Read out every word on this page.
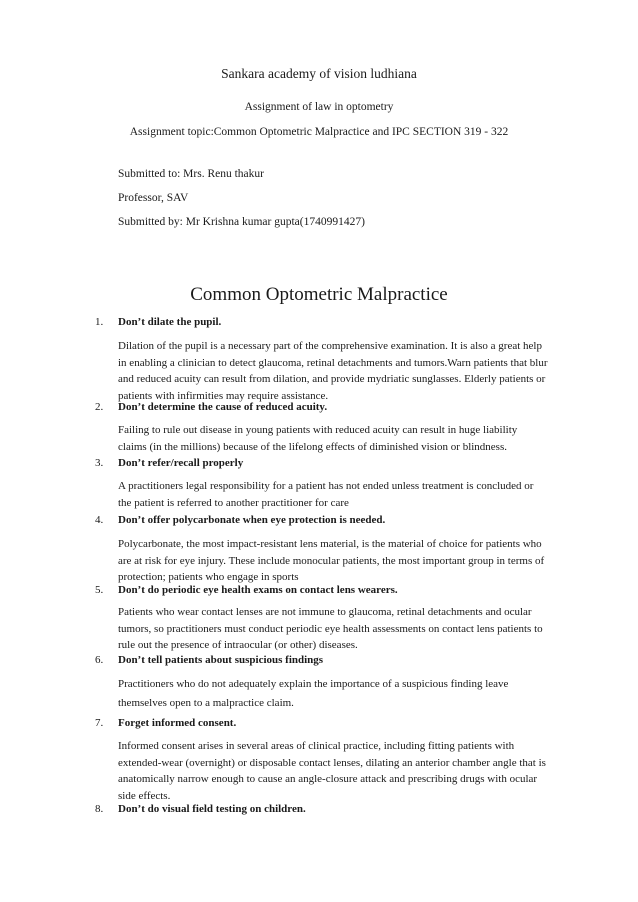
Sankara academy of vision ludhiana
Assignment of law in optometry
Assignment topic:Common Optometric Malpractice and IPC SECTION 319 - 322
Submitted to: Mrs. Renu thakur
Professor, SAV
Submitted by: Mr Krishna kumar gupta(1740991427)
Common Optometric Malpractice
1. Don’t dilate the pupil.
Dilation of the pupil is a necessary part of the comprehensive examination. It is also a great help in enabling a clinician to detect glaucoma, retinal detachments and tumors.Warn patients that blur and reduced acuity can result from dilation, and provide mydriatic sunglasses. Elderly patients or patients with infirmities may require assistance.
2. Don’t determine the cause of reduced acuity.
Failing to rule out disease in young patients with reduced acuity can result in huge liability claims (in the millions) because of the lifelong effects of diminished vision or blindness.
3. Don’t refer/recall properly
A practitioners legal responsibility for a patient has not ended unless treatment is concluded or the patient is referred to another practitioner for care
4. Don’t offer polycarbonate when eye protection is needed.
Polycarbonate, the most impact-resistant lens material, is the material of choice for patients who are at risk for eye injury. These include monocular patients, the most important group in terms of protection; patients who engage in sports
5. Don’t do periodic eye health exams on contact lens wearers.
Patients who wear contact lenses are not immune to glaucoma, retinal detachments and ocular tumors, so practitioners must conduct periodic eye health assessments on contact lens patients to rule out the presence of intraocular (or other) diseases.
6. Don’t tell patients about suspicious findings
Practitioners who do not adequately explain the importance of a suspicious finding leave themselves open to a malpractice claim.
7. Forget informed consent.
Informed consent arises in several areas of clinical practice, including fitting patients with extended-wear (overnight) or disposable contact lenses, dilating an anterior chamber angle that is anatomically narrow enough to cause an angle-closure attack and prescribing drugs with ocular side effects.
8. Don’t do visual field testing on children.
